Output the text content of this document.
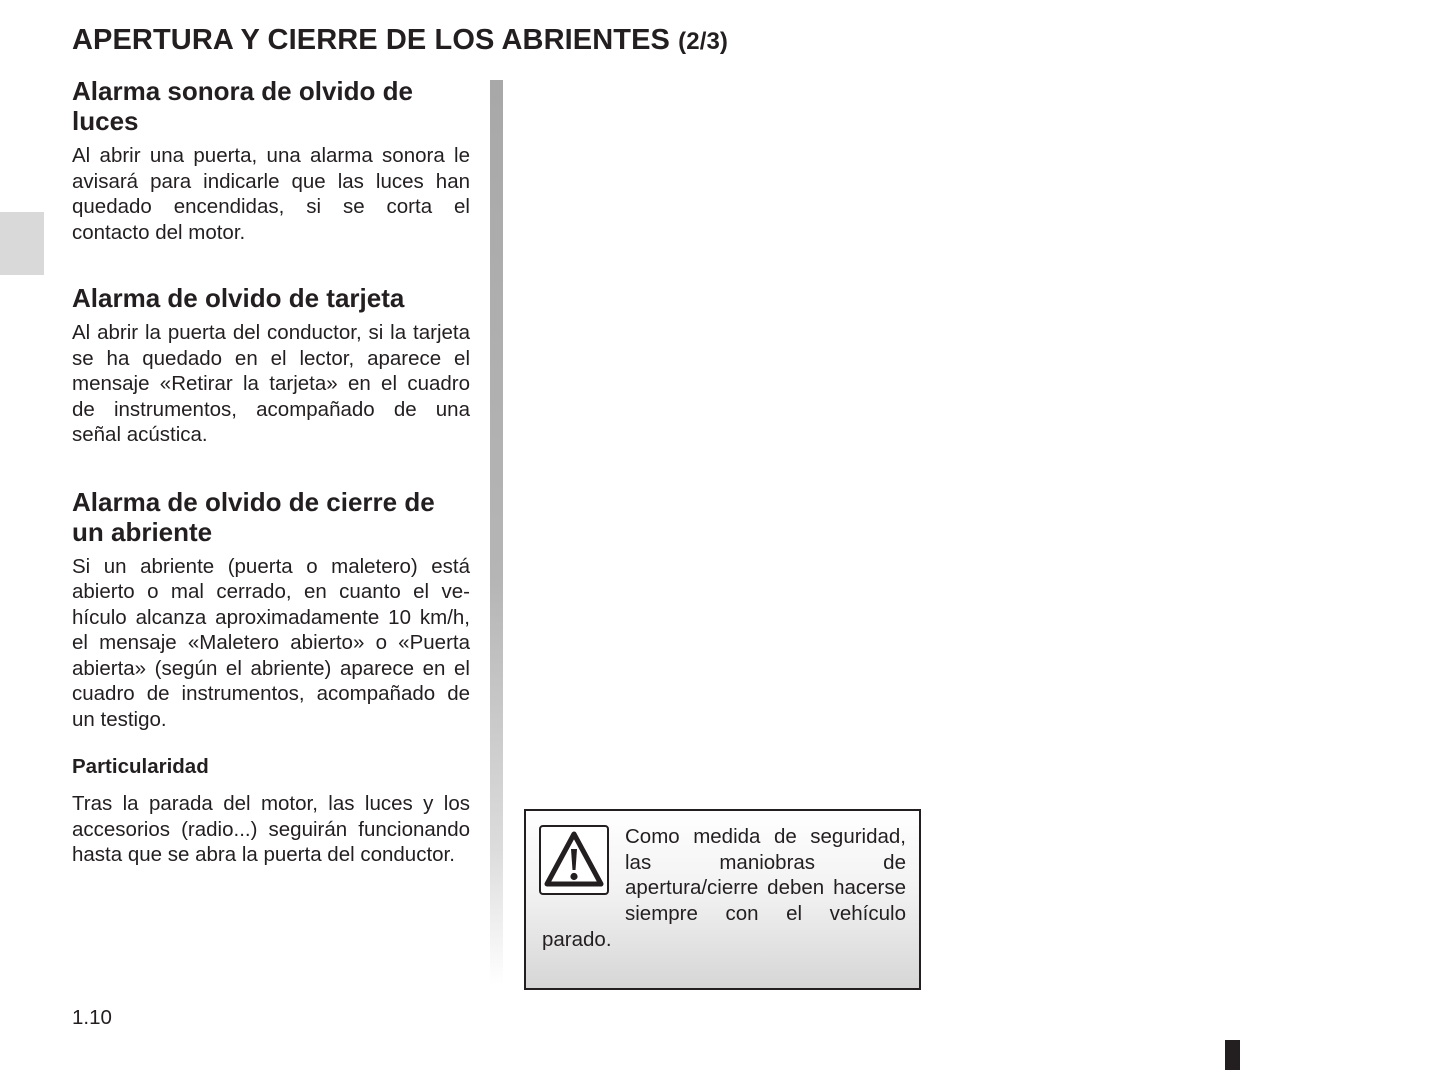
APERTURA Y CIERRE DE LOS ABRIENTES (2/3)
Alarma sonora de olvido de luces

Al abrir una puerta, una alarma sonora le avisará para indicarle que las luces han quedado encendidas, si se corta el contacto del motor.

Alarma de olvido de tarjeta

Al abrir la puerta del conductor, si la tarjeta se ha quedado en el lector, aparece el mensaje «Retirar la tarjeta» en el cuadro de instrumentos, acompañado de una señal acústica.

Alarma de olvido de cierre de un abriente

Si un abriente (puerta o maletero) está abierto o mal cerrado, en cuanto el vehículo alcanza aproximadamente 10 km/h, el mensaje «Maletero abierto» o «Puerta abierta» (según el abriente) aparece en el cuadro de instrumentos, acompañado de un testigo.

Particularidad

Tras la parada del motor, las luces y los accesorios (radio...) seguirán funcionando hasta que se abra la puerta del conductor.

Como medida de seguridad, las maniobras de apertura/cierre deben hacerse siempre con el vehículo parado.

1.10
